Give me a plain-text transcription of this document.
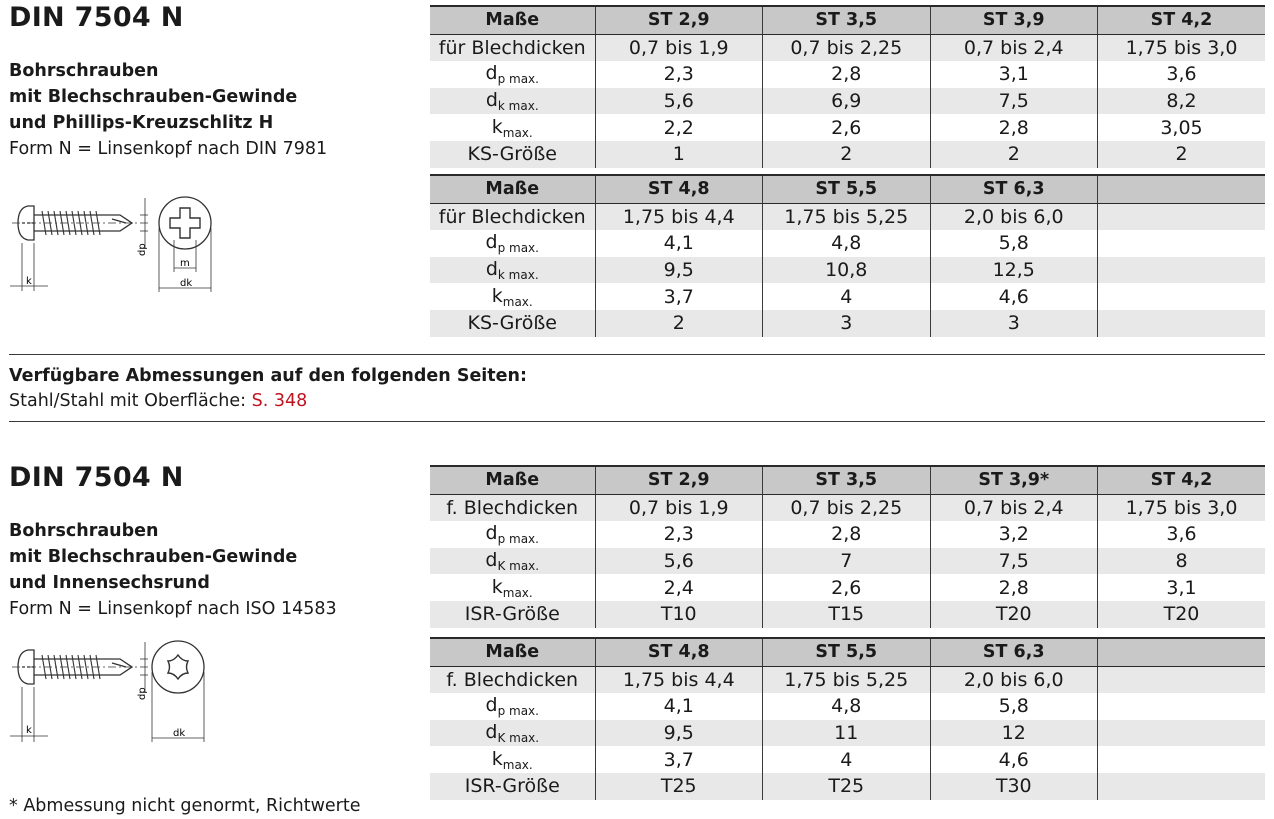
DIN 7504 N
Bohrschrauben
mit Blechschrauben-Gewinde
und Phillips-Kreuzschlitz H
Form N = Linsenkopf nach DIN 7981
k
m
dk
dp
Maße	ST 2,9	ST 3,5	ST 3,9	ST 4,2
für Blechdicken	0,7 bis 1,9	0,7 bis 2,25	0,7 bis 2,4	1,75 bis 3,0
$d_{p max.}$	2,3	2,8	3,1	3,6
$d_{k max.}$	5,6	6,9	7,5	8,2
$k_{max.}$	2,2	2,6	2,8	3,05
KS-Größe	1	2	2	2
Maße	ST 4,8	ST 5,5	ST 6,3	
für Blechdicken	1,75 bis 4,4	1,75 bis 5,25	2,0 bis 6,0	
$d_{p max.}$	4,1	4,8	5,8	
$d_{k max.}$	9,5	10,8	12,5	
$k_{max.}$	3,7	4	4,6	
KS-Größe	2	3	3	
Verfügbare Abmessungen auf den folgenden Seiten:
Stahl/Stahl mit Oberfläche: S. 348
DIN 7504 N
Bohrschrauben
mit Blechschrauben-Gewinde
und Innensechsrund
Form N = Linsenkopf nach ISO 14583
k	dk
dp
Maße	ST 2,9	ST 3,5	ST 3,9*	ST 4,2
f. Blechdicken	0,7 bis 1,9	0,7 bis 2,25	0,7 bis 2,4	1,75 bis 3,0
$d_{p max.}$	2,3	2,8	3,2	3,6
$d_{K max.}$	5,6	7	7,5	8
$k_{max.}$	2,4	2,6	2,8	3,1
ISR-Größe	T10	T15	T20	T20
Maße	ST 4,8	ST 5,5	ST 6,3	
f. Blechdicken	1,75 bis 4,4	1,75 bis 5,25	2,0 bis 6,0	
$d_{p max.}$	4,1	4,8	5,8	
$d_{K max.}$	9,5	11	12	
$k_{max.}$	3,7	4	4,6	
ISR-Größe	T25	T25	T30	
* Abmessung nicht genormt, Richtwerte
